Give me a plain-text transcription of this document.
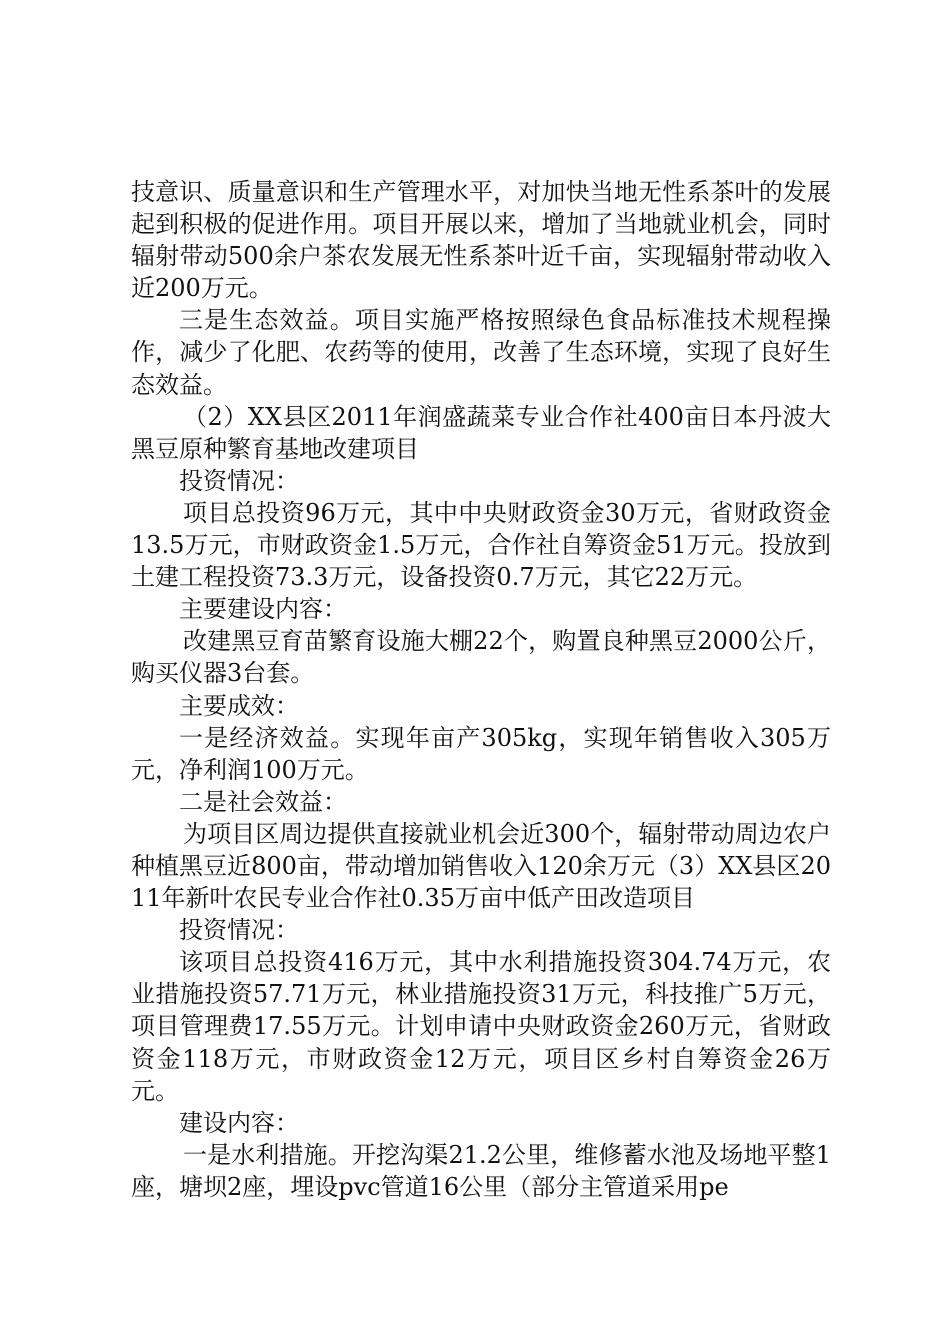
技意识、质量意识和生产管理水平，对加快当地无性系茶叶的发展起到积极的促进作用。项目开展以来，增加了当地就业机会，同时辐射带动500余户茶农发展无性系茶叶近千亩，实现辐射带动收入近200万元。

三是生态效益。项目实施严格按照绿色食品标准技术规程操作，减少了化肥、农药等的使用，改善了生态环境，实现了良好生态效益。

（2）XX县区2011年润盛蔬菜专业合作社400亩日本丹波大黑豆原种繁育基地改建项目

投资情况：

项目总投资96万元，其中中央财政资金30万元，省财政资金13.5万元，市财政资金1.5万元，合作社自筹资金51万元。投放到土建工程投资73.3万元，设备投资0.7万元，其它22万元。

主要建设内容：

改建黑豆育苗繁育设施大棚22个，购置良种黑豆2000公斤，购买仪器3台套。

主要成效：

一是经济效益。实现年亩产305kg，实现年销售收入305万元，净利润100万元。

二是社会效益：

为项目区周边提供直接就业机会近300个，辐射带动周边农户种植黑豆近800亩，带动增加销售收入120余万元（3）XX县区2011年新叶农民专业合作社0.35万亩中低产田改造项目

投资情况：

该项目总投资416万元，其中水利措施投资304.74万元，农业措施投资57.71万元，林业措施投资31万元，科技推广5万元，项目管理费17.55万元。计划申请中央财政资金260万元，省财政资金118万元，市财政资金12万元，项目区乡村自筹资金26万元。

建设内容：

一是水利措施。开挖沟渠21.2公里，维修蓄水池及场地平整1座，塘坝2座，埋设pvc管道16公里（部分主管道采用pe
